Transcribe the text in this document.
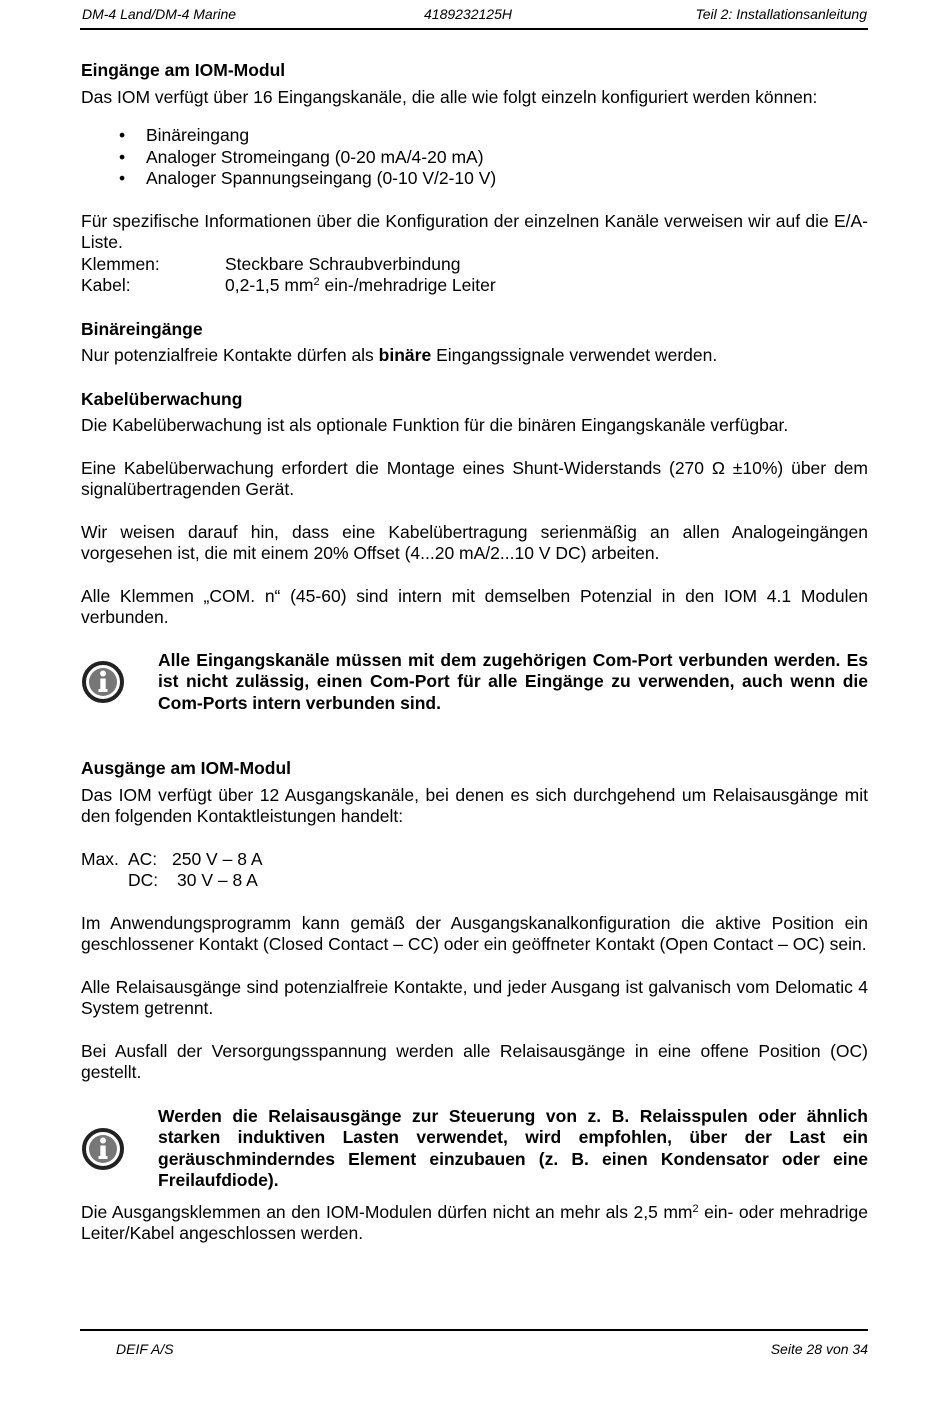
DM-4 Land/DM-4 Marine	4189232125H	Teil 2: Installationsanleitung
Eingänge am IOM-Modul

Das IOM verfügt über 16 Eingangskanäle, die alle wie folgt einzeln konfiguriert werden können:

• Binäreingang
• Analoger Stromeingang (0-20 mA/4-20 mA)
• Analoger Spannungseingang (0-10 V/2-10 V)

Für spezifische Informationen über die Konfiguration der einzelnen Kanäle verweisen wir auf die E/A-Liste.

Klemmen:	Steckbare Schraubverbindung
Kabel:	0,2-1,5 $mm^2$ ein-/mehradrige Leiter
Binäreingänge

Nur potenzialfreie Kontakte dürfen als binäre Eingangssignale verwendet werden.

Kabelüberwachung

Die Kabelüberwachung ist als optionale Funktion für die binären Eingangskanäle verfügbar.

Eine Kabelüberwachung erfordert die Montage eines Shunt-Widerstands (270 Ω ±10%) über dem signalübertragenden Gerät.

Wir weisen darauf hin, dass eine Kabelübertragung serienmäßig an allen Analogeingängen vorgesehen ist, die mit einem 20% Offset (4...20 mA/2...10 V DC) arbeiten.

Alle Klemmen „COM. n“ (45-60) sind intern mit demselben Potenzial in den IOM 4.1 Modulen verbunden.

Alle Eingangskanäle müssen mit dem zugehörigen Com-Port verbunden werden. Es ist nicht zulässig, einen Com-Port für alle Eingänge zu verwenden, auch wenn die Com-Ports intern verbunden sind.

Ausgänge am IOM-Modul

Das IOM verfügt über 12 Ausgangskanäle, bei denen es sich durchgehend um Relaisausgänge mit den folgenden Kontaktleistungen handelt:

Max. AC: 250 V – 8 A
DC:	30 V – 8 A

Im Anwendungsprogramm kann gemäß der Ausgangskanalkonfiguration die aktive Position ein geschlossener Kontakt (Closed Contact – CC) oder ein geöffneter Kontakt (Open Contact – OC) sein.

Alle Relaisausgänge sind potenzialfreie Kontakte, und jeder Ausgang ist galvanisch vom Delomatic 4 System getrennt.

Bei Ausfall der Versorgungsspannung werden alle Relaisausgänge in eine offene Position (OC) gestellt.

Werden die Relaisausgänge zur Steuerung von z. B. Relaisspulen oder ähnlich starken induktiven Lasten verwendet, wird empfohlen, über der Last ein geräuschminderndes Element einzubauen (z. B. einen Kondensator oder eine Freilaufdiode).

Die Ausgangsklemmen an den IOM-Modulen dürfen nicht an mehr als 2,5 $mm^2$ ein- oder mehradrige Leiter/Kabel angeschlossen werden.

DEIF A/S	Seite 28 von 34
